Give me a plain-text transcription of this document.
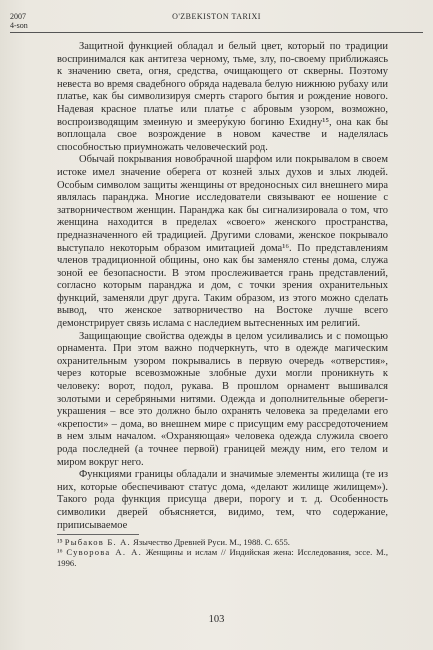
2007
4-son
O'ZBEKISTON TARIXI

Защитной функцией обладал и белый цвет, который по традиции воспринимался как антитеза черному, тьме, злу, по-своему приближаясь к значению света, огня, средства, очищающего от скверны. Поэтому невеста во время свадебного обряда надевала белую нижнюю рубаху или платье, как бы символизируя смерть старого бытия и рождение нового. Надевая красное платье или платье с абровым узором, возможно, воспроизводящим змеиную и змееру́кую богиню Ехидну¹⁵, она как бы воплощала свое возрождение в новом качестве и наделялась способностью приумножать человеческий род.

Обычай покрывания новобрачной шарфом или покрывалом в своем истоке имел значение оберега от козней злых духов и злых людей. Особым символом защиты женщины от вредоносных сил внешнего мира являлась паранджа. Многие исследователи связывают ее ношение с затворничеством женщин. Паранджа как бы сигнализировала о том, что женщина находится в пределах «своего» женского пространства, предназначенного ей традицией. Другими словами, женское покрывало выступало некоторым образом имитацией дома¹⁶. По представлениям членов традиционной общины, оно как бы заменяло стены дома, служа зоной ее безопасности. В этом прослеживается грань представлений, согласно которым паранджа и дом, с точки зрения охранительных функций, заменяли друг друга. Таким образом, из этого можно сделать вывод, что женское затворничество на Востоке лучше всего демонстрирует связь ислама с наследием вытесненных им религий.

Защищающие свойства одежды в целом усиливались и с помощью орнамента. При этом важно подчеркнуть, что в одежде магическим охранительным узором покрывались в первую очередь «отверстия», через которые всевозможные злобные духи могли проникнуть к человеку: ворот, подол, рукава. В прошлом орнамент вышивался золотыми и серебряными нитями. Одежда и дополнительные обереги-украшения – все это должно было охранять человека за пределами его «крепости» – дома, во внешнем мире с присущим ему рассредоточением в нем злым началом. «Охраняющая» человека одежда служила своего рода последней (а точнее первой) границей между ним, его телом и миром вокруг него.

Функциями границы обладали и значимые элементы жилища (те из них, которые обеспечивают статус дома, «делают жилище жилищем»). Такого рода функция присуща двери, порогу и т. д. Особенность символики дверей объясняется, видимо, тем, что содержание, приписываемое

¹⁵ Рыбаков Б. А. Язычество Древней Руси. М., 1988. С. 655.

¹⁶ Суворова А. А. Женщины и ислам // Индийская жена: Исследования, эссе. М., 1996.

103
